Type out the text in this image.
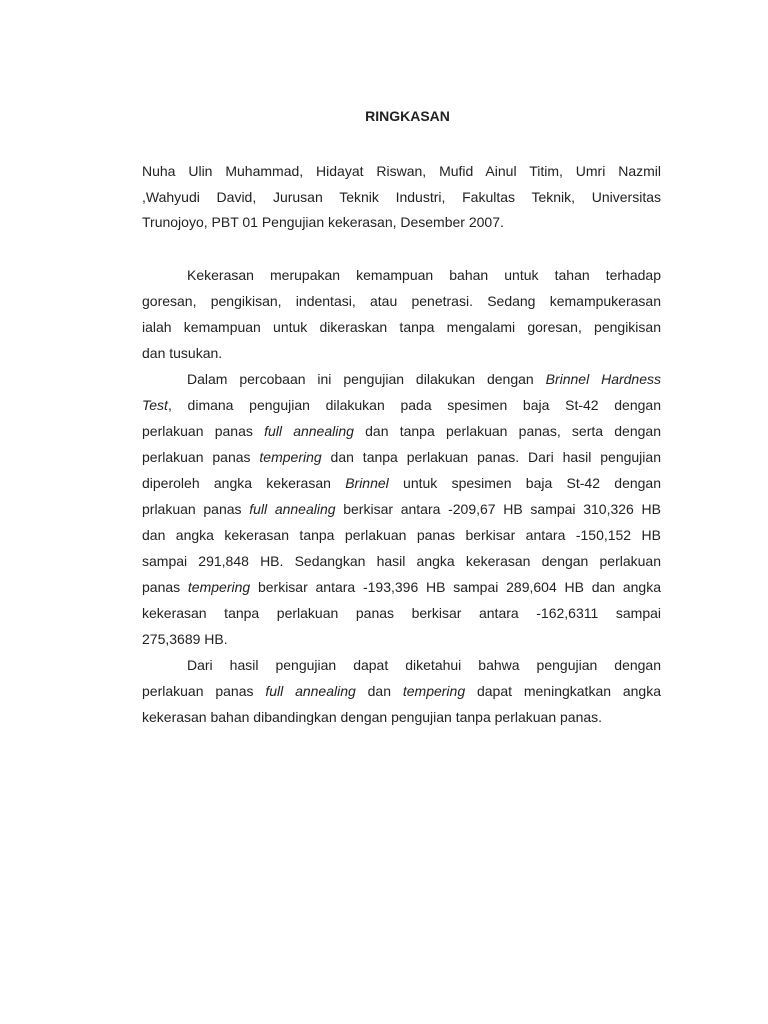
RINGKASAN
Nuha Ulin Muhammad, Hidayat Riswan, Mufid Ainul Titim, Umri Nazmil
,Wahyudi David, Jurusan Teknik Industri, Fakultas Teknik, Universitas
Trunojoyo, PBT 01 Pengujian kekerasan, Desember 2007.
Kekerasan merupakan kemampuan bahan untuk tahan terhadap
goresan, pengikisan, indentasi, atau penetrasi. Sedang kemampukerasan
ialah kemampuan untuk dikeraskan tanpa mengalami goresan, pengikisan
dan tusukan.
Dalam percobaan ini pengujian dilakukan dengan Brinnel Hardness
Test, dimana pengujian dilakukan pada spesimen baja St-42 dengan
perlakuan panas full annealing dan tanpa perlakuan panas, serta dengan
perlakuan panas tempering dan tanpa perlakuan panas. Dari hasil pengujian
diperoleh angka kekerasan Brinnel untuk spesimen baja St-42 dengan
prlakuan panas full annealing berkisar antara -209,67 HB sampai 310,326 HB
dan angka kekerasan tanpa perlakuan panas berkisar antara -150,152 HB
sampai 291,848 HB. Sedangkan hasil angka kekerasan dengan perlakuan
panas tempering berkisar antara -193,396 HB sampai 289,604 HB dan angka
kekerasan tanpa perlakuan panas berkisar antara -162,6311 sampai
275,3689 HB.
Dari hasil pengujian dapat diketahui bahwa pengujian dengan
perlakuan panas full annealing dan tempering dapat meningkatkan angka
kekerasan bahan dibandingkan dengan pengujian tanpa perlakuan panas.
